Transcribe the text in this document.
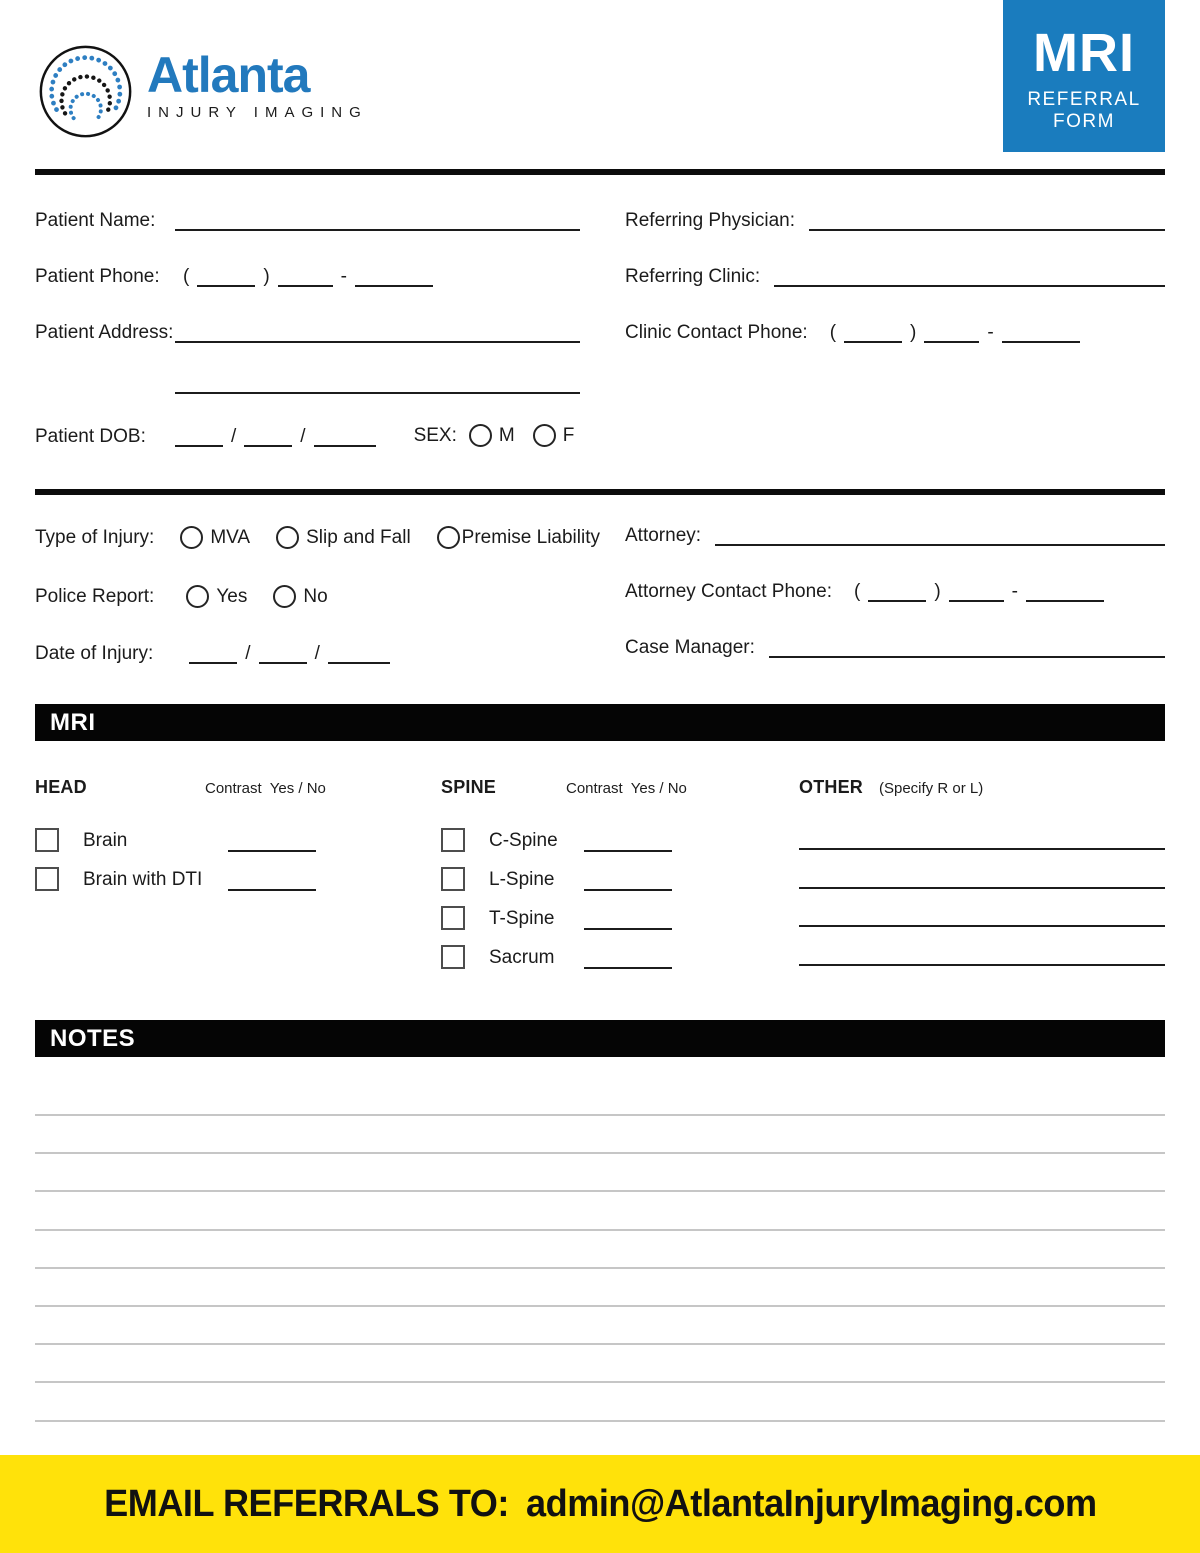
Atlanta
INJURY IMAGING
MRI
REFERRAL
FORM
Patient Name:
Patient Phone:	(	)	-
Patient Address:
Patient DOB:	/	/	SEX: M	F
Referring Physician:
Referring Clinic:
Clinic Contact Phone: (	)	-
Type of Injury:	MVA	Slip and Fall	Premise Liability
Police Report:	Yes	No
Date of Injury:	/	/
Attorney:
Attorney Contact Phone: (	)	-
Case Manager:
MRI
HEAD	Contrast  Yes / No
Brain
Brain with DTI
SPINE	Contrast  Yes / No
C-Spine
L-Spine
T-Spine
Sacrum
OTHER	(Specify R or L)
NOTES
EMAIL REFERRALS TO: admin@AtlantaInjuryImaging.com
